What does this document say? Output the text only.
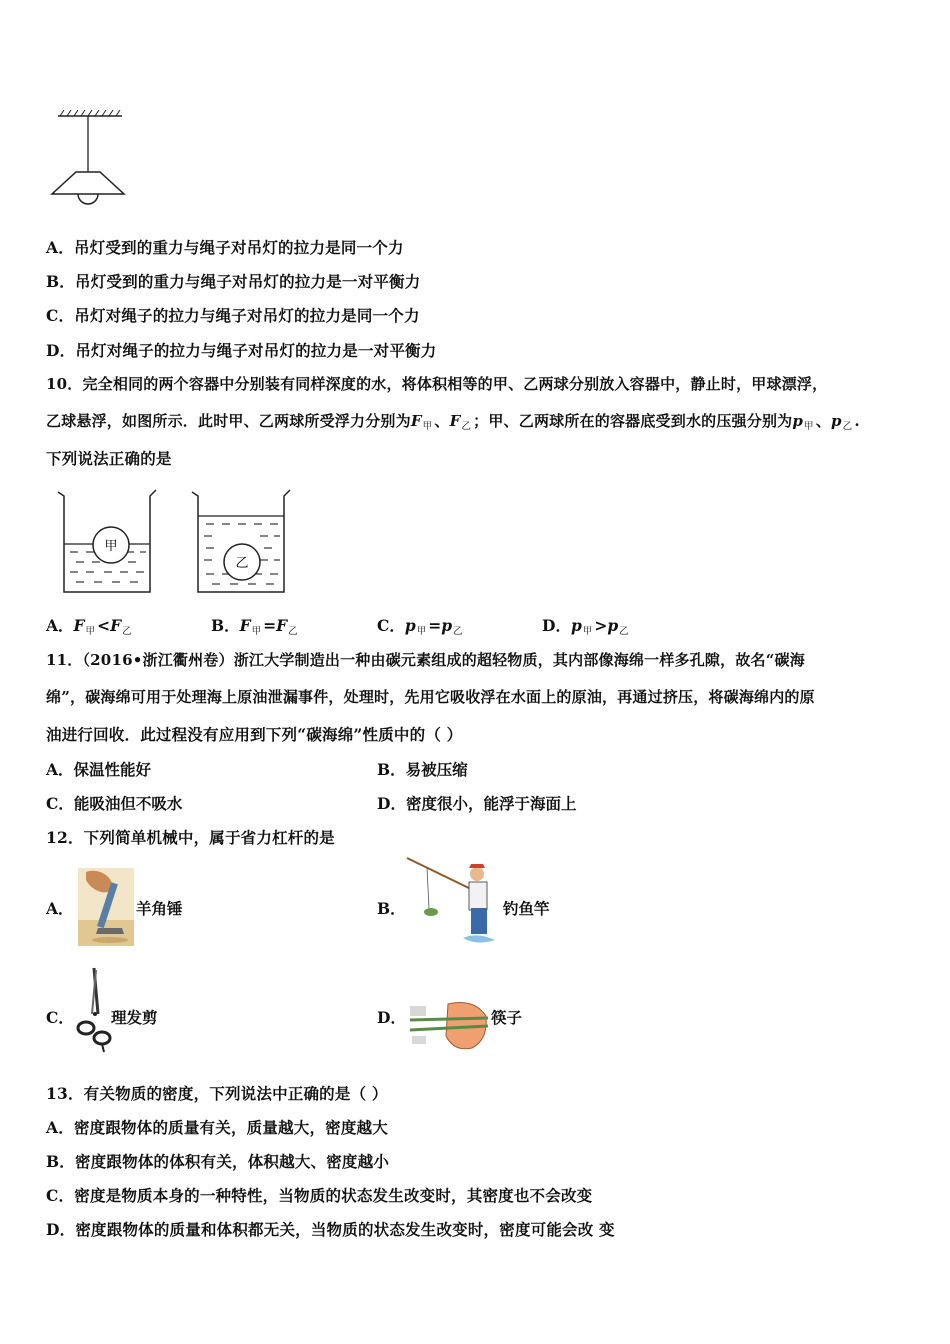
A．吊灯受到的重力与绳子对吊灯的拉力是同一个力
B．吊灯受到的重力与绳子对吊灯的拉力是一对平衡力
C．吊灯对绳子的拉力与绳子对吊灯的拉力是同一个力
D．吊灯对绳子的拉力与绳子对吊灯的拉力是一对平衡力
10．完全相同的两个容器中分别装有同样深度的水，将体积相等的甲、乙两球分别放入容器中，静止时，甲球漂浮，
乙球悬浮，如图所示．此时甲、乙两球所受浮力分别为$F_甲$ 、$F_乙$ ；甲、乙两球所在的容器底受到水的压强分别为$p_甲$ 、$p_乙$ .
下列说法正确的是
甲
乙
A．F甲 <F乙	B．F甲 =F乙	C．p甲 =p乙	D．p甲 >p乙
11．（2016•浙江衢州卷）浙江大学制造出一种由碳元素组成的超轻物质，其内部像海绵一样多孔隙，故名“碳海
绵”，碳海绵可用于处理海上原油泄漏事件，处理时，先用它吸收浮在水面上的原油，再通过挤压，将碳海绵内的原
油进行回收．此过程没有应用到下列“碳海绵”性质中的（ ）
A．保温性能好	B．易被压缩
C．能吸油但不吸水	D．密度很小，能浮于海面上
12．下列简单机械中，属于省力杠杆的是
A．	羊角锤	B．	钓鱼竿
C． 理发剪	D．	筷子
13．有关物质的密度，下列说法中正确的是（ ）
A．密度跟物体的质量有关，质量越大，密度越大
B．密度跟物体的体积有关，体积越大、密度越小
C．密度是物质本身的一种特性，当物质的状态发生改变时，其密度也不会改变
D．密度跟物体的质量和体积都无关，当物质的状态发生改变时，密度可能会改 变
